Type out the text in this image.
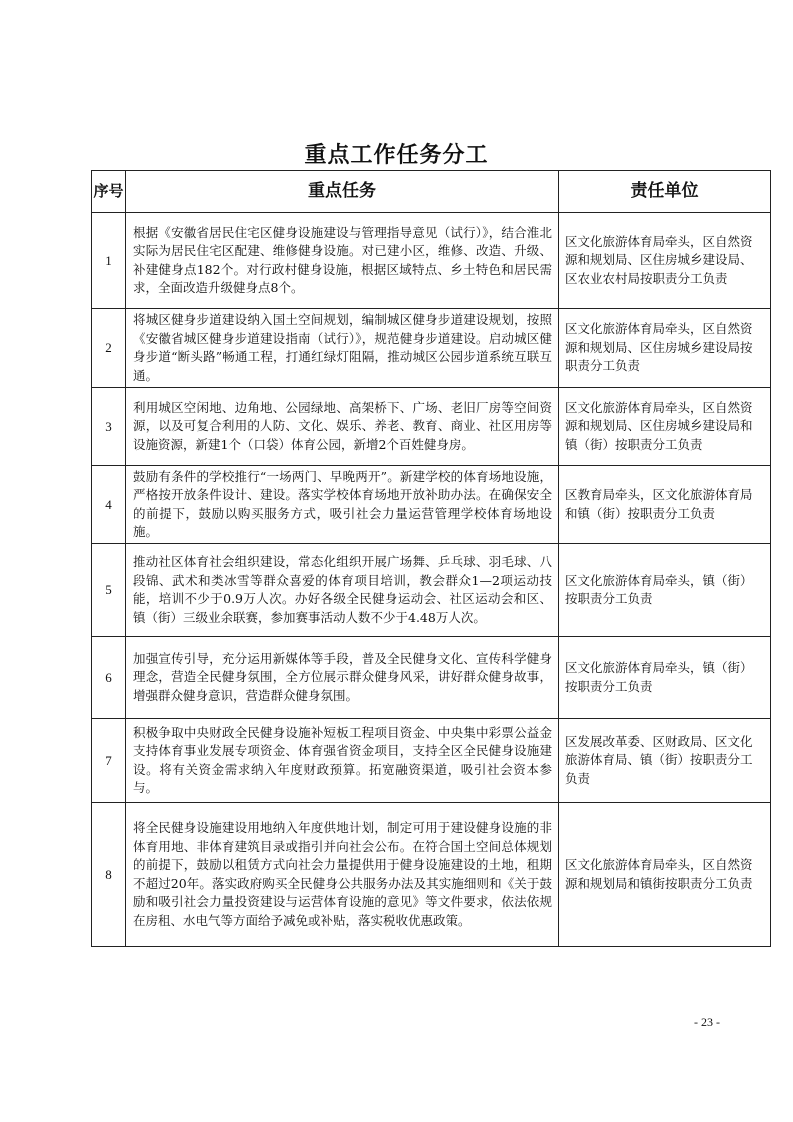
重点工作任务分工
序号	重点任务	责任单位
1	根据《安徽省居民住宅区健身设施建设与管理指导意见（试行）》，结合淮北实际为居民住宅区配建、维修健身设施。对已建小区，维修、改造、升级、补建健身点182个。对行政村健身设施，根据区域特点、乡土特色和居民需求，全面改造升级健身点8个。	区文化旅游体育局牵头，区自然资源和规划局、区住房城乡建设局、区农业农村局按职责分工负责
2	将城区健身步道建设纳入国土空间规划，编制城区健身步道建设规划，按照《安徽省城区健身步道建设指南（试行）》，规范健身步道建设。启动城区健身步道“断头路”畅通工程，打通红绿灯阻隔，推动城区公园步道系统互联互通。	区文化旅游体育局牵头，区自然资源和规划局、区住房城乡建设局按职责分工负责
3	利用城区空闲地、边角地、公园绿地、高架桥下、广场、老旧厂房等空间资源，以及可复合利用的人防、文化、娱乐、养老、教育、商业、社区用房等设施资源，新建1个（口袋）体育公园，新增2个百姓健身房。	区文化旅游体育局牵头，区自然资源和规划局、区住房城乡建设局和镇（街）按职责分工负责
4	鼓励有条件的学校推行“一场两门、早晚两开”。新建学校的体育场地设施，严格按开放条件设计、建设。落实学校体育场地开放补助办法。在确保安全的前提下，鼓励以购买服务方式，吸引社会力量运营管理学校体育场地设施。	区教育局牵头，区文化旅游体育局和镇（街）按职责分工负责
5	推动社区体育社会组织建设，常态化组织开展广场舞、乒乓球、羽毛球、八段锦、武术和类冰雪等群众喜爱的体育项目培训，教会群众1—2项运动技能，培训不少于0.9万人次。办好各级全民健身运动会、社区运动会和区、镇（街）三级业余联赛，参加赛事活动人数不少于4.48万人次。	区文化旅游体育局牵头，镇（街）按职责分工负责
6	加强宣传引导，充分运用新媒体等手段，普及全民健身文化、宣传科学健身理念，营造全民健身氛围，全方位展示群众健身风采，讲好群众健身故事，增强群众健身意识，营造群众健身氛围。	区文化旅游体育局牵头，镇（街）按职责分工负责
7	积极争取中央财政全民健身设施补短板工程项目资金、中央集中彩票公益金支持体育事业发展专项资金、体育强省资金项目，支持全区全民健身设施建设。将有关资金需求纳入年度财政预算。拓宽融资渠道，吸引社会资本参与。	区发展改革委、区财政局、区文化旅游体育局、镇（街）按职责分工负责
8	将全民健身设施建设用地纳入年度供地计划，制定可用于建设健身设施的非体育用地、非体育建筑目录或指引并向社会公布。在符合国土空间总体规划的前提下，鼓励以租赁方式向社会力量提供用于健身设施建设的土地，租期不超过20年。落实政府购买全民健身公共服务办法及其实施细则和《关于鼓励和吸引社会力量投资建设与运营体育设施的意见》等文件要求，依法依规在房租、水电气等方面给予减免或补贴，落实税收优惠政策。	区文化旅游体育局牵头，区自然资源和规划局和镇街按职责分工负责
- 23 -
